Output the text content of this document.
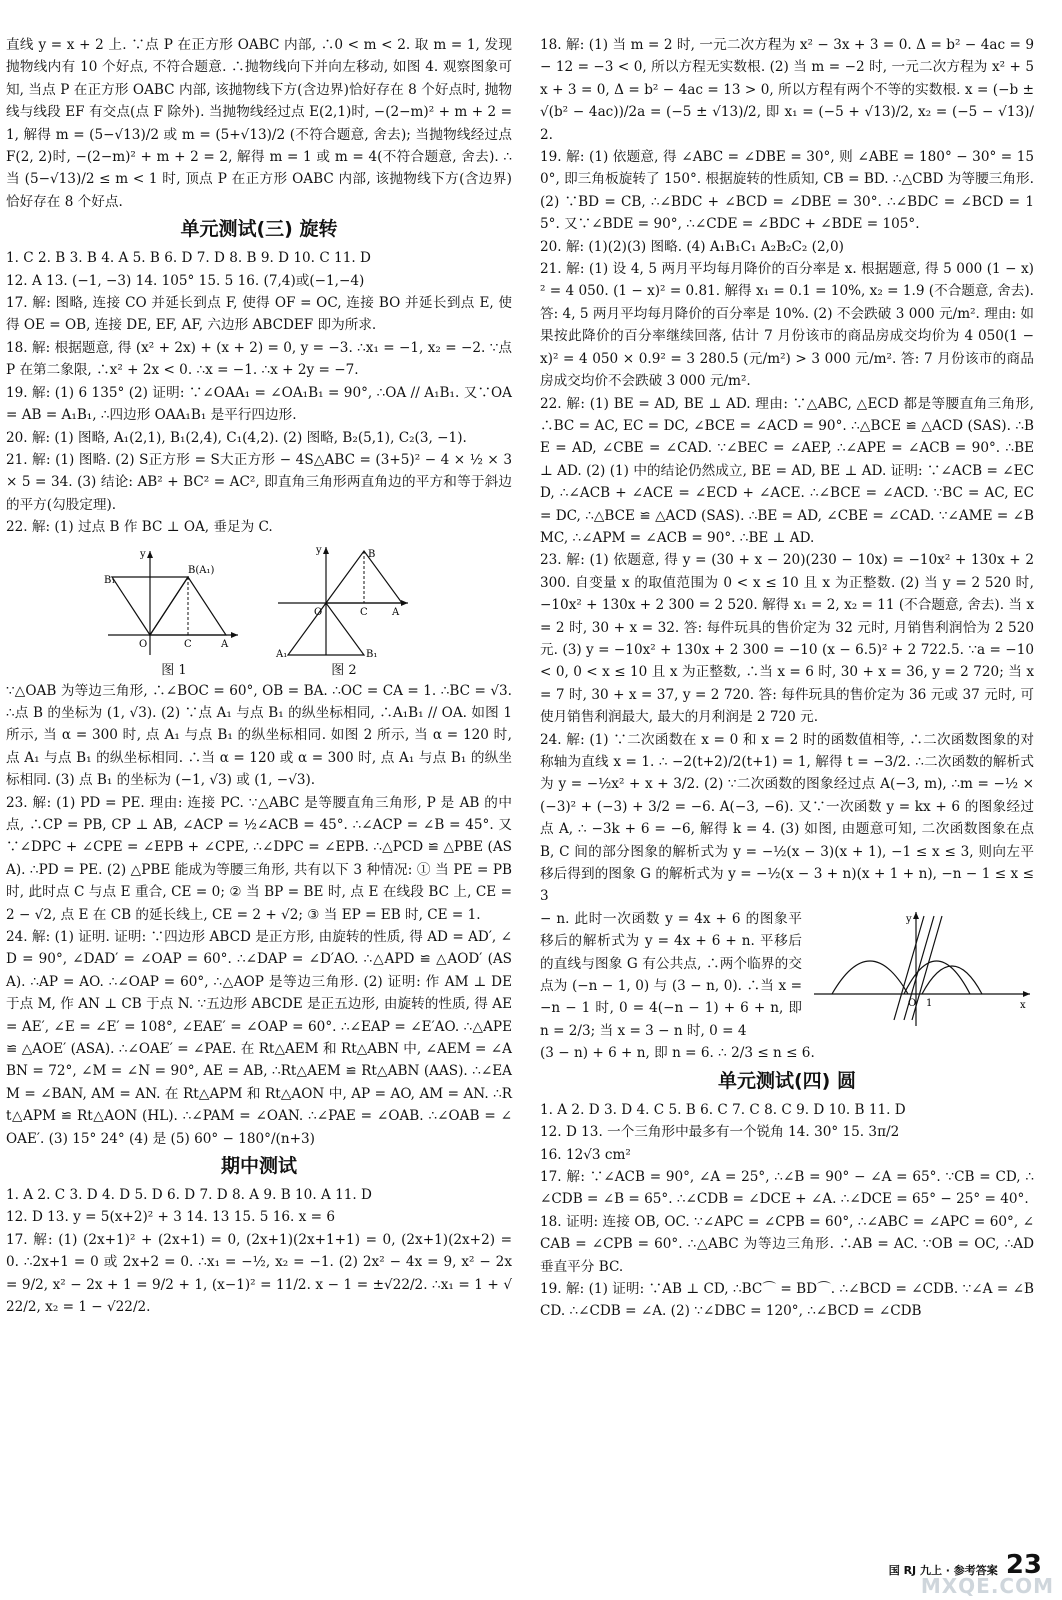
直线 y = x + 2 上. ∵点 P 在正方形 OABC 内部, ∴0 < m < 2. 取 m = 1, 发现抛物线内有 10 个好点, 不符合题意. ∴抛物线向下并向左移动, 如图 4. 观察图象可知, 当点 P 在正方形 OABC 内部, 该抛物线下方(含边界)恰好存在 8 个好点时, 抛物线与线段 EF 有交点(点 F 除外). 当抛物线经过点 E(2,1)时, −(2−m)² + m + 2 = 1, 解得 m = (5−√13)/2 或 m = (5+√13)/2 (不符合题意, 舍去); 当抛物线经过点 F(2, 2)时, −(2−m)² + m + 2 = 2, 解得 m = 1 或 m = 4(不符合题意, 舍去). ∴当 (5−√13)/2 ≤ m < 1 时, 顶点 P 在正方形 OABC 内部, 该抛物线下方(含边界)恰好存在 8 个好点.

单元测试(三) 旋转

1. C 2. B 3. B 4. A 5. B 6. D 7. D 8. B 9. D 10. C 11. D

12. A 13. (−1, −3) 14. 105° 15. 5 16. (7,4)或(−1,−4)

17. 解: 图略, 连接 CO 并延长到点 F, 使得 OF = OC, 连接 BO 并延长到点 E, 使得 OE = OB, 连接 DE, EF, AF, 六边形 ABCDEF 即为所求.

18. 解: 根据题意, 得 (x² + 2x) + (x + 2) = 0, y = −3. ∴x₁ = −1, x₂ = −2. ∵点 P 在第二象限, ∴x² + 2x < 0. ∴x = −1. ∴x + 2y = −7.

19. 解: (1) 6 135° (2) 证明: ∵∠OAA₁ = ∠OA₁B₁ = 90°, ∴OA // A₁B₁. 又∵OA = AB = A₁B₁, ∴四边形 OAA₁B₁ 是平行四边形.

20. 解: (1) 图略, A₁(2,1), B₁(2,4), C₁(4,2). (2) 图略, B₂(5,1), C₂(3, −1).

21. 解: (1) 图略. (2) S正方形 = S大正方形 − 4S△ABC = (3+5)² − 4 × ½ × 3 × 5 = 34. (3) 结论: AB² + BC² = AC², 即直角三角形两直角边的平方和等于斜边的平方(勾股定理).

22. 解: (1) 过点 B 作 BC ⊥ OA, 垂足为 C.

B(A₁)
B₁
O	C	A
y
图 1
B
O	C A
A₁	B₁
y
图 2

∵△OAB 为等边三角形, ∴∠BOC = 60°, OB = BA. ∴OC = CA = 1. ∴BC = √3. ∴点 B 的坐标为 (1, √3). (2) ∵点 A₁ 与点 B₁ 的纵坐标相同, ∴A₁B₁ // OA. 如图 1 所示, 当 α = 300 时, 点 A₁ 与点 B₁ 的纵坐标相同. 如图 2 所示, 当 α = 120 时, 点 A₁ 与点 B₁ 的纵坐标相同. ∴当 α = 120 或 α = 300 时, 点 A₁ 与点 B₁ 的纵坐标相同. (3) 点 B₁ 的坐标为 (−1, √3) 或 (1, −√3).

23. 解: (1) PD = PE. 理由: 连接 PC. ∵△ABC 是等腰直角三角形, P 是 AB 的中点, ∴CP = PB, CP ⊥ AB, ∠ACP = ½∠ACB = 45°. ∴∠ACP = ∠B = 45°. 又∵∠DPC + ∠CPE = ∠EPB + ∠CPE, ∴∠DPC = ∠EPB. ∴△PCD ≌ △PBE (ASA). ∴PD = PE. (2) △PBE 能成为等腰三角形, 共有以下 3 种情况: ① 当 PE = PB 时, 此时点 C 与点 E 重合, CE = 0; ② 当 BP = BE 时, 点 E 在线段 BC 上, CE = 2 − √2, 点 E 在 CB 的延长线上, CE = 2 + √2; ③ 当 EP = EB 时, CE = 1.

24. 解: (1) 证明. 证明: ∵四边形 ABCD 是正方形, 由旋转的性质, 得 AD = AD′, ∠D = 90°, ∠DAD′ = ∠OAP = 60°. ∴∠DAP = ∠D′AO. ∴△APD ≌ △AOD′ (ASA). ∴AP = AO. ∴∠OAP = 60°, ∴△AOP 是等边三角形. (2) 证明: 作 AM ⊥ DE 于点 M, 作 AN ⊥ CB 于点 N. ∵五边形 ABCDE 是正五边形, 由旋转的性质, 得 AE = AE′, ∠E = ∠E′ = 108°, ∠EAE′ = ∠OAP = 60°. ∴∠EAP = ∠E′AO. ∴△APE ≌ △AOE′ (ASA). ∴∠OAE′ = ∠PAE. 在 Rt△AEM 和 Rt△ABN 中, ∠AEM = ∠ABN = 72°, ∠M = ∠N = 90°, AE = AB, ∴Rt△AEM ≌ Rt△ABN (AAS). ∴∠EAM = ∠BAN, AM = AN. 在 Rt△APM 和 Rt△AON 中, AP = AO, AM = AN. ∴Rt△APM ≌ Rt△AON (HL). ∴∠PAM = ∠OAN. ∴∠PAE = ∠OAB. ∴∠OAB = ∠OAE′. (3) 15° 24° (4) 是 (5) 60° − 180°/(n+3)

期中测试

1. A 2. C 3. D 4. D 5. D 6. D 7. D 8. A 9. B 10. A 11. D

12. D 13. y = 5(x+2)² + 3 14. 13 15. 5 16. x = 6

17. 解: (1) (2x+1)² + (2x+1) = 0, (2x+1)(2x+1+1) = 0, (2x+1)(2x+2) = 0. ∴2x+1 = 0 或 2x+2 = 0. ∴x₁ = −½, x₂ = −1. (2) 2x² − 4x = 9, x² − 2x = 9/2, x² − 2x + 1 = 9/2 + 1, (x−1)² = 11/2. x − 1 = ±√22/2. ∴x₁ = 1 + √22/2, x₂ = 1 − √22/2.

18. 解: (1) 当 m = 2 时, 一元二次方程为 x² − 3x + 3 = 0. Δ = b² − 4ac = 9 − 12 = −3 < 0, 所以方程无实数根. (2) 当 m = −2 时, 一元二次方程为 x² + 5x + 3 = 0, Δ = b² − 4ac = 13 > 0, 所以方程有两个不等的实数根. x = (−b ± √(b² − 4ac))/2a = (−5 ± √13)/2, 即 x₁ = (−5 + √13)/2, x₂ = (−5 − √13)/2.

19. 解: (1) 依题意, 得 ∠ABC = ∠DBE = 30°, 则 ∠ABE = 180° − 30° = 150°, 即三角板旋转了 150°. 根据旋转的性质知, CB = BD. ∴△CBD 为等腰三角形. (2) ∵BD = CB, ∴∠BDC + ∠BCD = ∠DBE = 30°. ∴∠BDC = ∠BCD = 15°. 又∵∠BDE = 90°, ∴∠CDE = ∠BDC + ∠BDE = 105°.

20. 解: (1)(2)(3) 图略. (4) A₁B₁C₁ A₂B₂C₂ (2,0)

21. 解: (1) 设 4, 5 两月平均每月降价的百分率是 x. 根据题意, 得 5 000 (1 − x)² = 4 050. (1 − x)² = 0.81. 解得 x₁ = 0.1 = 10%, x₂ = 1.9 (不合题意, 舍去). 答: 4, 5 两月平均每月降价的百分率是 10%. (2) 不会跌破 3 000 元/m². 理由: 如果按此降价的百分率继续回落, 估计 7 月份该市的商品房成交均价为 4 050(1 − x)² = 4 050 × 0.9² = 3 280.5 (元/m²) > 3 000 元/m². 答: 7 月份该市的商品房成交均价不会跌破 3 000 元/m².

22. 解: (1) BE = AD, BE ⊥ AD. 理由: ∵△ABC, △ECD 都是等腰直角三角形, ∴BC = AC, EC = DC, ∠BCE = ∠ACD = 90°. ∴△BCE ≌ △ACD (SAS). ∴BE = AD, ∠CBE = ∠CAD. ∵∠BEC = ∠AEP, ∴∠APE = ∠ACB = 90°. ∴BE ⊥ AD. (2) (1) 中的结论仍然成立, BE = AD, BE ⊥ AD. 证明: ∵∠ACB = ∠ECD, ∴∠ACB + ∠ACE = ∠ECD + ∠ACE. ∴∠BCE = ∠ACD. ∵BC = AC, EC = DC, ∴△BCE ≌ △ACD (SAS). ∴BE = AD, ∠CBE = ∠CAD. ∵∠AME = ∠BMC, ∴∠APM = ∠ACB = 90°. ∴BE ⊥ AD.

23. 解: (1) 依题意, 得 y = (30 + x − 20)(230 − 10x) = −10x² + 130x + 2 300. 自变量 x 的取值范围为 0 < x ≤ 10 且 x 为正整数. (2) 当 y = 2 520 时, −10x² + 130x + 2 300 = 2 520. 解得 x₁ = 2, x₂ = 11 (不合题意, 舍去). 当 x = 2 时, 30 + x = 32. 答: 每件玩具的售价定为 32 元时, 月销售利润恰为 2 520 元. (3) y = −10x² + 130x + 2 300 = −10 (x − 6.5)² + 2 722.5. ∵a = −10 < 0, 0 < x ≤ 10 且 x 为正整数, ∴当 x = 6 时, 30 + x = 36, y = 2 720; 当 x = 7 时, 30 + x = 37, y = 2 720. 答: 每件玩具的售价定为 36 元或 37 元时, 可使月销售利润最大, 最大的月利润是 2 720 元.

24. 解: (1) ∵二次函数在 x = 0 和 x = 2 时的函数值相等, ∴二次函数图象的对称轴为直线 x = 1. ∴ −2(t+2)/2(t+1) = 1, 解得 t = −3/2. ∴二次函数的解析式为 y = −½x² + x + 3/2. (2) ∵二次函数的图象经过点 A(−3, m), ∴m = −½ × (−3)² + (−3) + 3/2 = −6. A(−3, −6). 又∵一次函数 y = kx + 6 的图象经过点 A, ∴ −3k + 6 = −6, 解得 k = 4. (3) 如图, 由题意可知, 二次函数图象在点 B, C 间的部分图象的解析式为 y = −½(x − 3)(x + 1), −1 ≤ x ≤ 3, 则向左平移后得到的图象 G 的解析式为 y = −½(x − 3 + n)(x + 1 + n), −n − 1 ≤ x ≤ 3

− n. 此时一次函数 y = 4x + 6 的图象平移后的解析式为 y = 4x + 6 + n. 平移后的直线与图象 G 有公共点, ∴两个临界的交点为 (−n − 1, 0) 与 (3 − n, 0). ∴当 x = −n − 1 时, 0 = 4(−n − 1) + 6 + n, 即 n = 2/3; 当 x = 3 − n 时, 0 = 4

y
O 1	x

(3 − n) + 6 + n, 即 n = 6. ∴ 2/3 ≤ n ≤ 6.

单元测试(四) 圆

1. A 2. D 3. D 4. C 5. B 6. C 7. C 8. C 9. D 10. B 11. D

12. D 13. 一个三角形中最多有一个锐角 14. 30° 15. 3π/2

16. 12√3 cm²

17. 解: ∵∠ACB = 90°, ∠A = 25°, ∴∠B = 90° − ∠A = 65°. ∵CB = CD, ∴∠CDB = ∠B = 65°. ∴∠CDB = ∠DCE + ∠A. ∴∠DCE = 65° − 25° = 40°.

18. 证明: 连接 OB, OC. ∵∠APC = ∠CPB = 60°, ∴∠ABC = ∠APC = 60°, ∠CAB = ∠CPB = 60°. ∴△ABC 为等边三角形. ∴AB = AC. ∵OB = OC, ∴AD 垂直平分 BC.

19. 解: (1) 证明: ∵AB ⊥ CD, ∴BC⌒ = BD⌒. ∴∠BCD = ∠CDB. ∵∠A = ∠BCD. ∴∠CDB = ∠A. (2) ∵∠DBC = 120°, ∴∠BCD = ∠CDB

国 RJ 九上 · 参考答案 23
MXQE.COM
